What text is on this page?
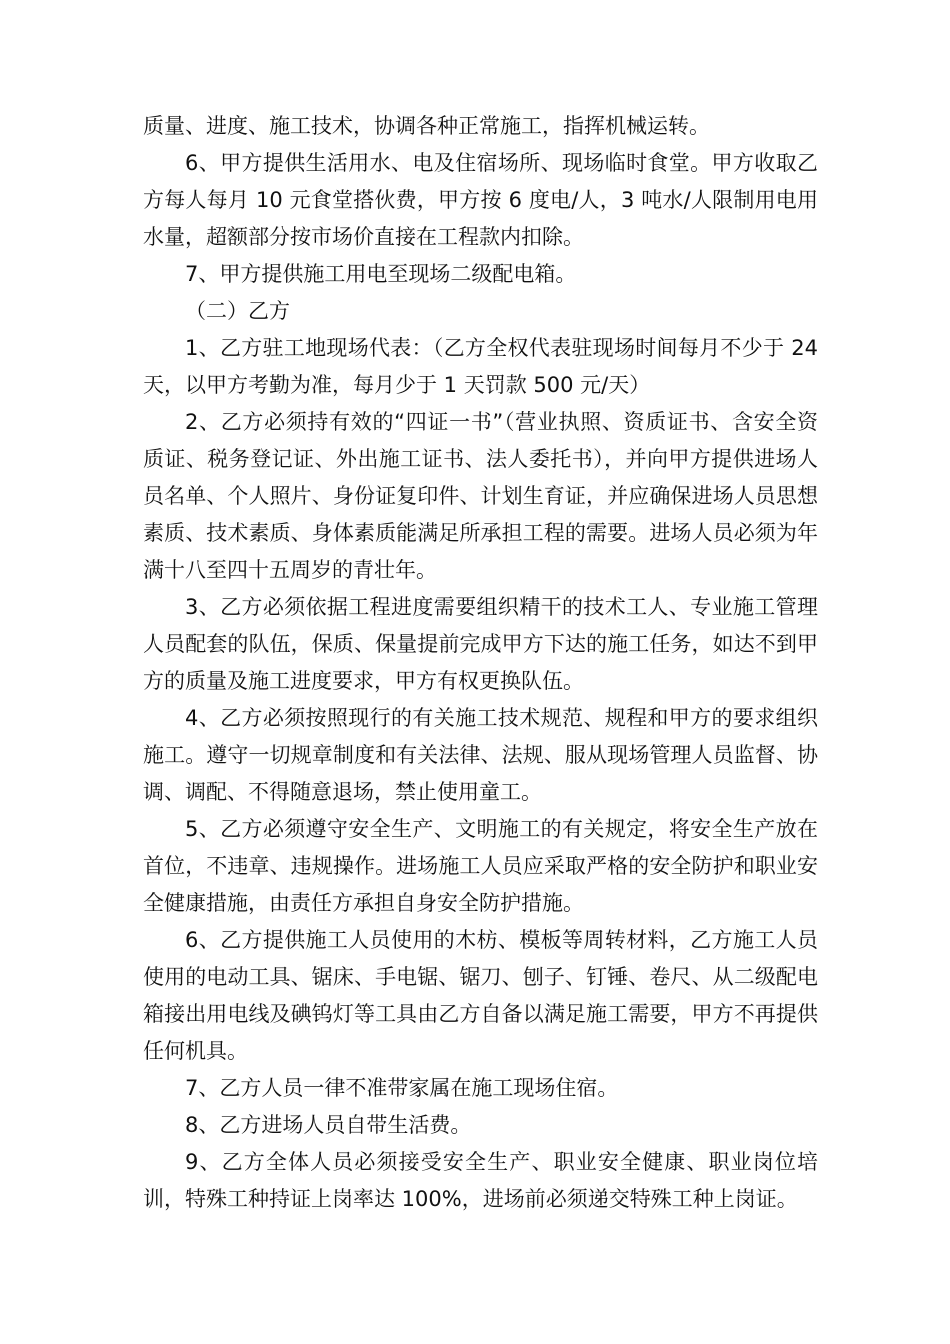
质量、进度、施工技术，协调各种正常施工，指挥机械运转。

6、甲方提供生活用水、电及住宿场所、现场临时食堂。甲方收取乙方每人每月 10 元食堂搭伙费，甲方按 6 度电/人，3 吨水/人限制用电用水量，超额部分按市场价直接在工程款内扣除。

7、甲方提供施工用电至现场二级配电箱。

（二）乙方

1、乙方驻工地现场代表：（乙方全权代表驻现场时间每月不少于 24 天，以甲方考勤为准，每月少于 1 天罚款 500 元/天）

2、乙方必须持有效的“四证一书”（营业执照、资质证书、含安全资质证、税务登记证、外出施工证书、法人委托书），并向甲方提供进场人员名单、个人照片、身份证复印件、计划生育证，并应确保进场人员思想素质、技术素质、身体素质能满足所承担工程的需要。进场人员必须为年满十八至四十五周岁的青壮年。

3、乙方必须依据工程进度需要组织精干的技术工人、专业施工管理人员配套的队伍，保质、保量提前完成甲方下达的施工任务，如达不到甲方的质量及施工进度要求，甲方有权更换队伍。

4、乙方必须按照现行的有关施工技术规范、规程和甲方的要求组织施工。遵守一切规章制度和有关法律、法规、服从现场管理人员监督、协调、调配、不得随意退场，禁止使用童工。

5、乙方必须遵守安全生产、文明施工的有关规定，将安全生产放在首位，不违章、违规操作。进场施工人员应采取严格的安全防护和职业安全健康措施，由责任方承担自身安全防护措施。

6、乙方提供施工人员使用的木枋、模板等周转材料，乙方施工人员使用的电动工具、锯床、手电锯、锯刀、刨子、钉锤、卷尺、从二级配电箱接出用电线及碘钨灯等工具由乙方自备以满足施工需要，甲方不再提供任何机具。

7、乙方人员一律不准带家属在施工现场住宿。

8、乙方进场人员自带生活费。

9、乙方全体人员必须接受安全生产、职业安全健康、职业岗位培训，特殊工种持证上岗率达 100%，进场前必须递交特殊工种上岗证。
